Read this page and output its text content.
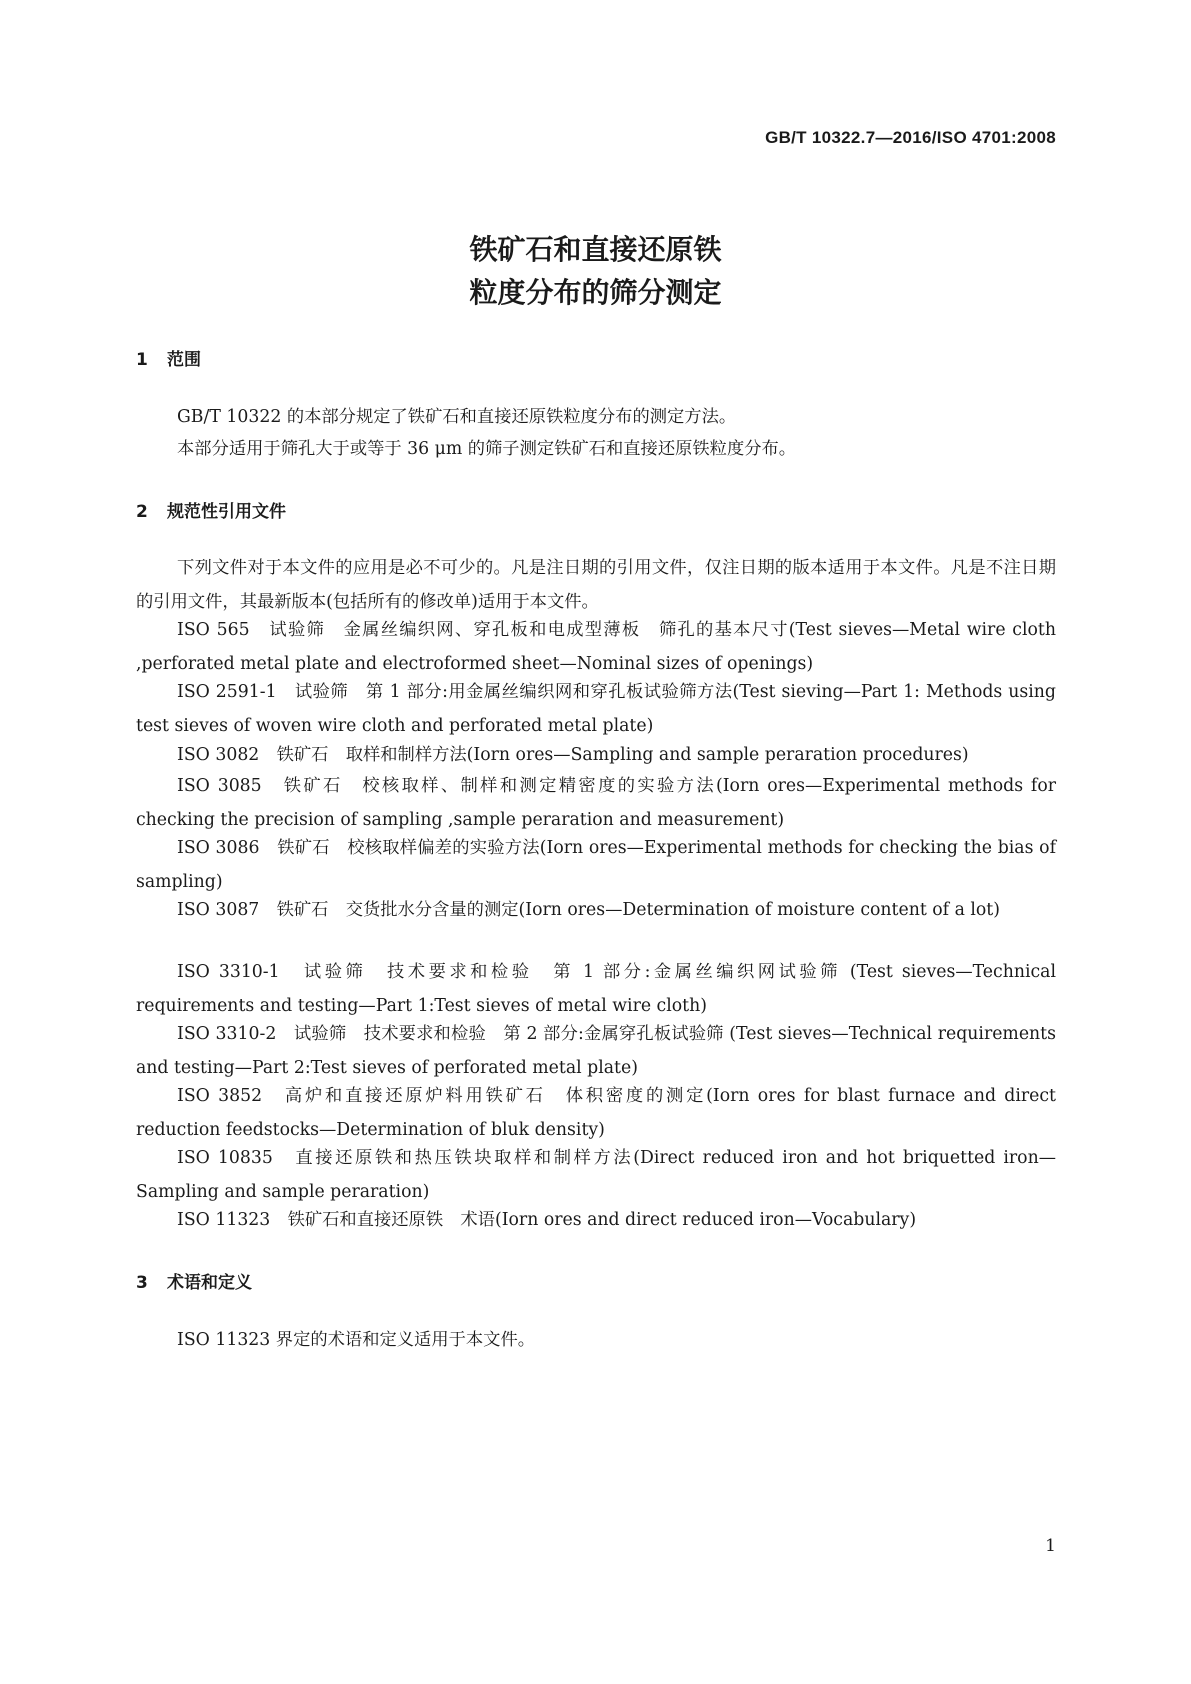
GB/T 10322.7—2016/ISO 4701:2008
铁矿石和直接还原铁
粒度分布的筛分测定
1 范围

GB/T 10322 的本部分规定了铁矿石和直接还原铁粒度分布的测定方法。

本部分适用于筛孔大于或等于 36 μm 的筛子测定铁矿石和直接还原铁粒度分布。

2 规范性引用文件

下列文件对于本文件的应用是必不可少的。凡是注日期的引用文件，仅注日期的版本适用于本文件。凡是不注日期的引用文件，其最新版本(包括所有的修改单)适用于本文件。

ISO 565　试验筛　金属丝编织网、穿孔板和电成型薄板　筛孔的基本尺寸(Test sieves—Metal wire cloth ,perforated metal plate and electroformed sheet—Nominal sizes of openings)

ISO 2591-1　试验筛　第 1 部分:用金属丝编织网和穿孔板试验筛方法(Test sieving—Part 1: Methods using test sieves of woven wire cloth and perforated metal plate)

ISO 3082　铁矿石　取样和制样方法(Iorn ores—Sampling and sample peraration procedures)

ISO 3085　铁矿石　校核取样、制样和测定精密度的实验方法(Iorn ores—Experimental methods for checking the precision of sampling ,sample peraration and measurement)

ISO 3086　铁矿石　校核取样偏差的实验方法(Iorn ores—Experimental methods for checking the bias of sampling)

ISO 3087　铁矿石　交货批水分含量的测定(Iorn ores—Determination of moisture content of a lot)

ISO 3310-1　试验筛　技术要求和检验　第 1 部分:金属丝编织网试验筛 (Test sieves—Technical requirements and testing—Part 1:Test sieves of metal wire cloth)

ISO 3310-2　试验筛　技术要求和检验　第 2 部分:金属穿孔板试验筛 (Test sieves—Technical requirements and testing—Part 2:Test sieves of perforated metal plate)

ISO 3852　高炉和直接还原炉料用铁矿石　体积密度的测定(Iorn ores for blast furnace and direct reduction feedstocks—Determination of bluk density)

ISO 10835　直接还原铁和热压铁块取样和制样方法(Direct reduced iron and hot briquetted iron—Sampling and sample peraration)

ISO 11323　铁矿石和直接还原铁　术语(Iorn ores and direct reduced iron—Vocabulary)

3 术语和定义

ISO 11323 界定的术语和定义适用于本文件。

1
